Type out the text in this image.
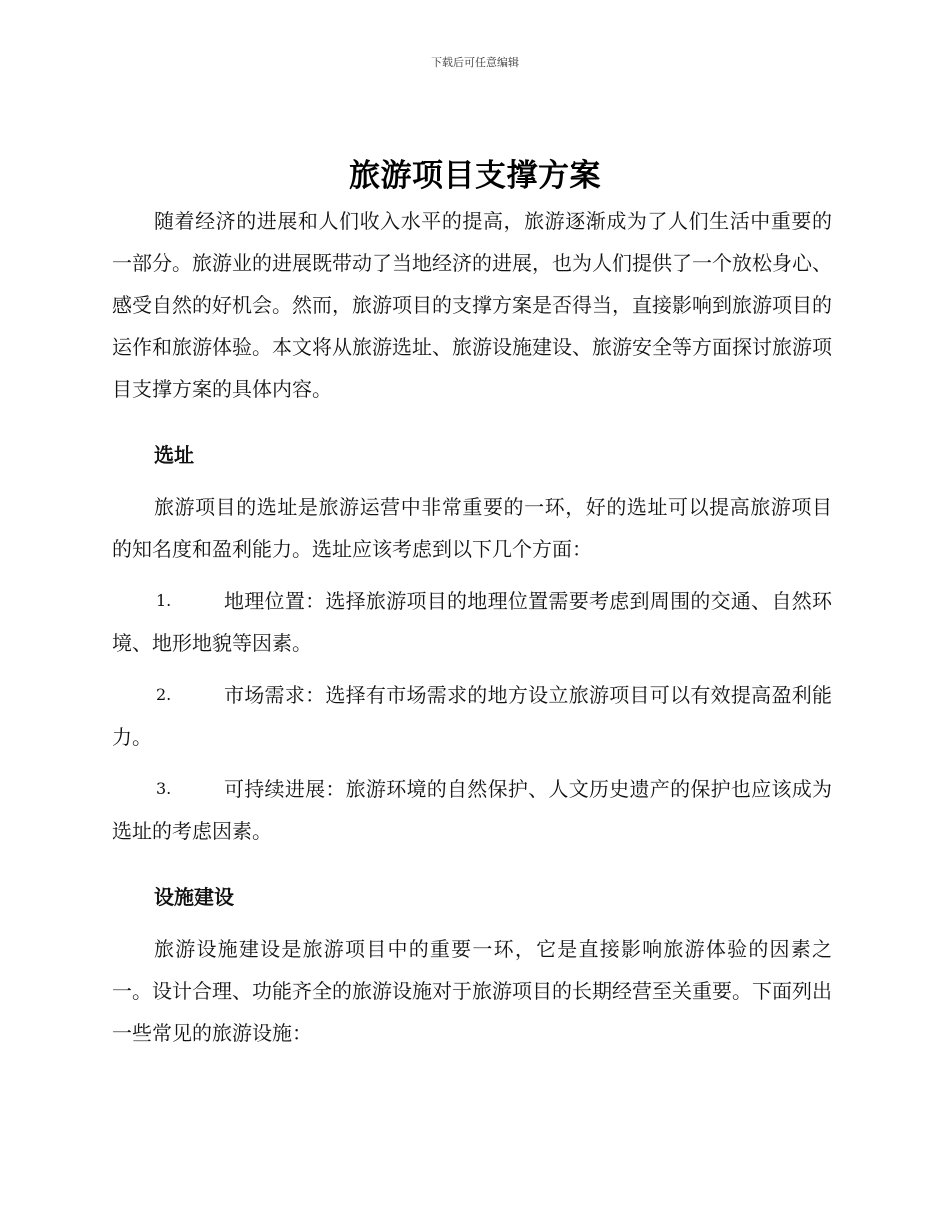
下载后可任意编辑
旅游项目支撑方案

随着经济的进展和人们收入水平的提高，旅游逐渐成为了人们生活中重要的一部分。旅游业的进展既带动了当地经济的进展，也为人们提供了一个放松身心、感受自然的好机会。然而，旅游项目的支撑方案是否得当，直接影响到旅游项目的运作和旅游体验。本文将从旅游选址、旅游设施建设、旅游安全等方面探讨旅游项目支撑方案的具体内容。

选址

旅游项目的选址是旅游运营中非常重要的一环，好的选址可以提高旅游项目的知名度和盈利能力。选址应该考虑到以下几个方面：

1.	地理位置：选择旅游项目的地理位置需要考虑到周围的交通、自然环境、地形地貌等因素。
2.	市场需求：选择有市场需求的地方设立旅游项目可以有效提高盈利能力。
3.	可持续进展：旅游环境的自然保护、人文历史遗产的保护也应该成为选址的考虑因素。
设施建设

旅游设施建设是旅游项目中的重要一环，它是直接影响旅游体验的因素之一。设计合理、功能齐全的旅游设施对于旅游项目的长期经营至关重要。下面列出一些常见的旅游设施：
